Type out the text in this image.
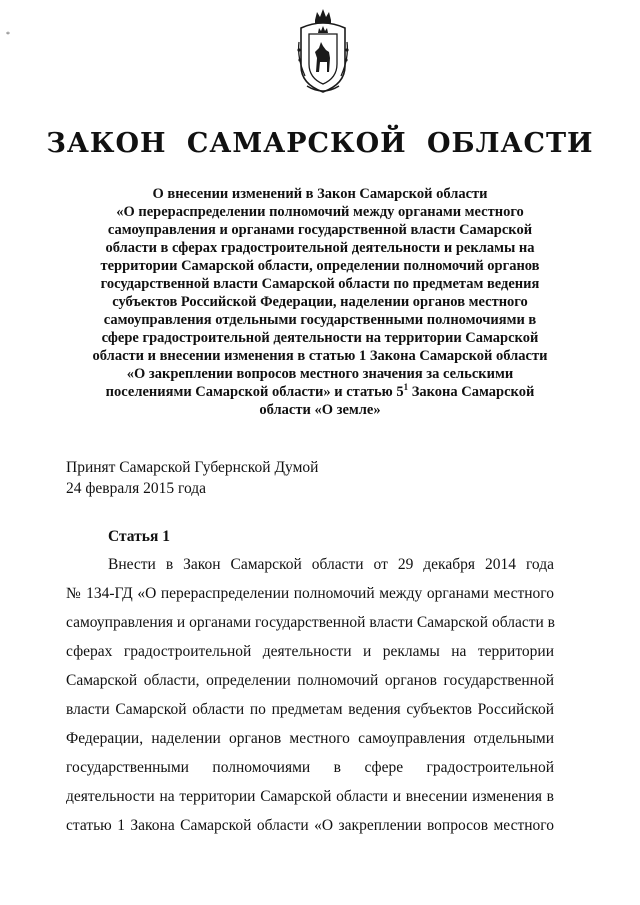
*
ЗАКОН САМАРСКОЙ ОБЛАСТИ
О внесении изменений в Закон Самарской области
«О перераспределении полномочий между органами местного
самоуправления и органами государственной власти Самарской
области в сферах градостроительной деятельности и рекламы на
территории Самарской области, определении полномочий органов
государственной власти Самарской области по предметам ведения
субъектов Российской Федерации, наделении органов местного
самоуправления отдельными государственными полномочиями в
сфере градостроительной деятельности на территории Самарской
области и внесении изменения в статью 1 Закона Самарской области
«О закреплении вопросов местного значения за сельскими
поселениями Самарской области» и статью $5^1$ Закона Самарской
области «О земле»
Принят Самарской Губернской Думой
24 февраля 2015 года
Статья 1
Внести в Закон Самарской области от 29 декабря 2014 года
№ 134-ГД «О перераспределении полномочий между органами местного
самоуправления и органами государственной власти Самарской области в
сферах градостроительной деятельности и рекламы на территории
Самарской области, определении полномочий органов государственной
власти Самарской области по предметам ведения субъектов Российской
Федерации, наделении органов местного самоуправления отдельными
государственными полномочиями в сфере градостроительной
деятельности на территории Самарской области и внесении изменения в
статью 1 Закона Самарской области «О закреплении вопросов местного
